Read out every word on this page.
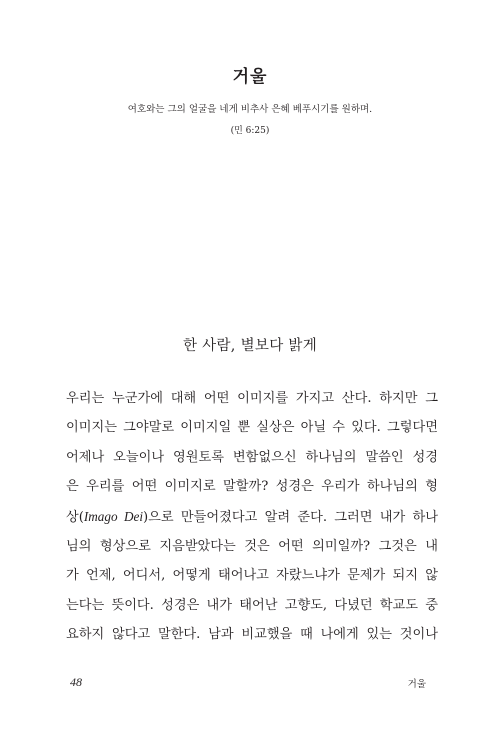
거울
여호와는 그의 얼굴을 네게 비추사 은혜 베푸시기를 원하며.
(민 6:25)
한 사람, 별보다 밝게
우리는 누군가에 대해 어떤 이미지를 가지고 산다. 하지만 그
이미지는 그야말로 이미지일 뿐 실상은 아닐 수 있다. 그렇다면
어제나 오늘이나 영원토록 변함없으신 하나님의 말씀인 성경
은 우리를 어떤 이미지로 말할까? 성경은 우리가 하나님의 형
상(Imago Dei)으로 만들어졌다고 알려 준다. 그러면 내가 하나
님의 형상으로 지음받았다는 것은 어떤 의미일까? 그것은 내
가 언제, 어디서, 어떻게 태어나고 자랐느냐가 문제가 되지 않
는다는 뜻이다. 성경은 내가 태어난 고향도, 다녔던 학교도 중
요하지 않다고 말한다. 남과 비교했을 때 나에게 있는 것이나
48	거울
